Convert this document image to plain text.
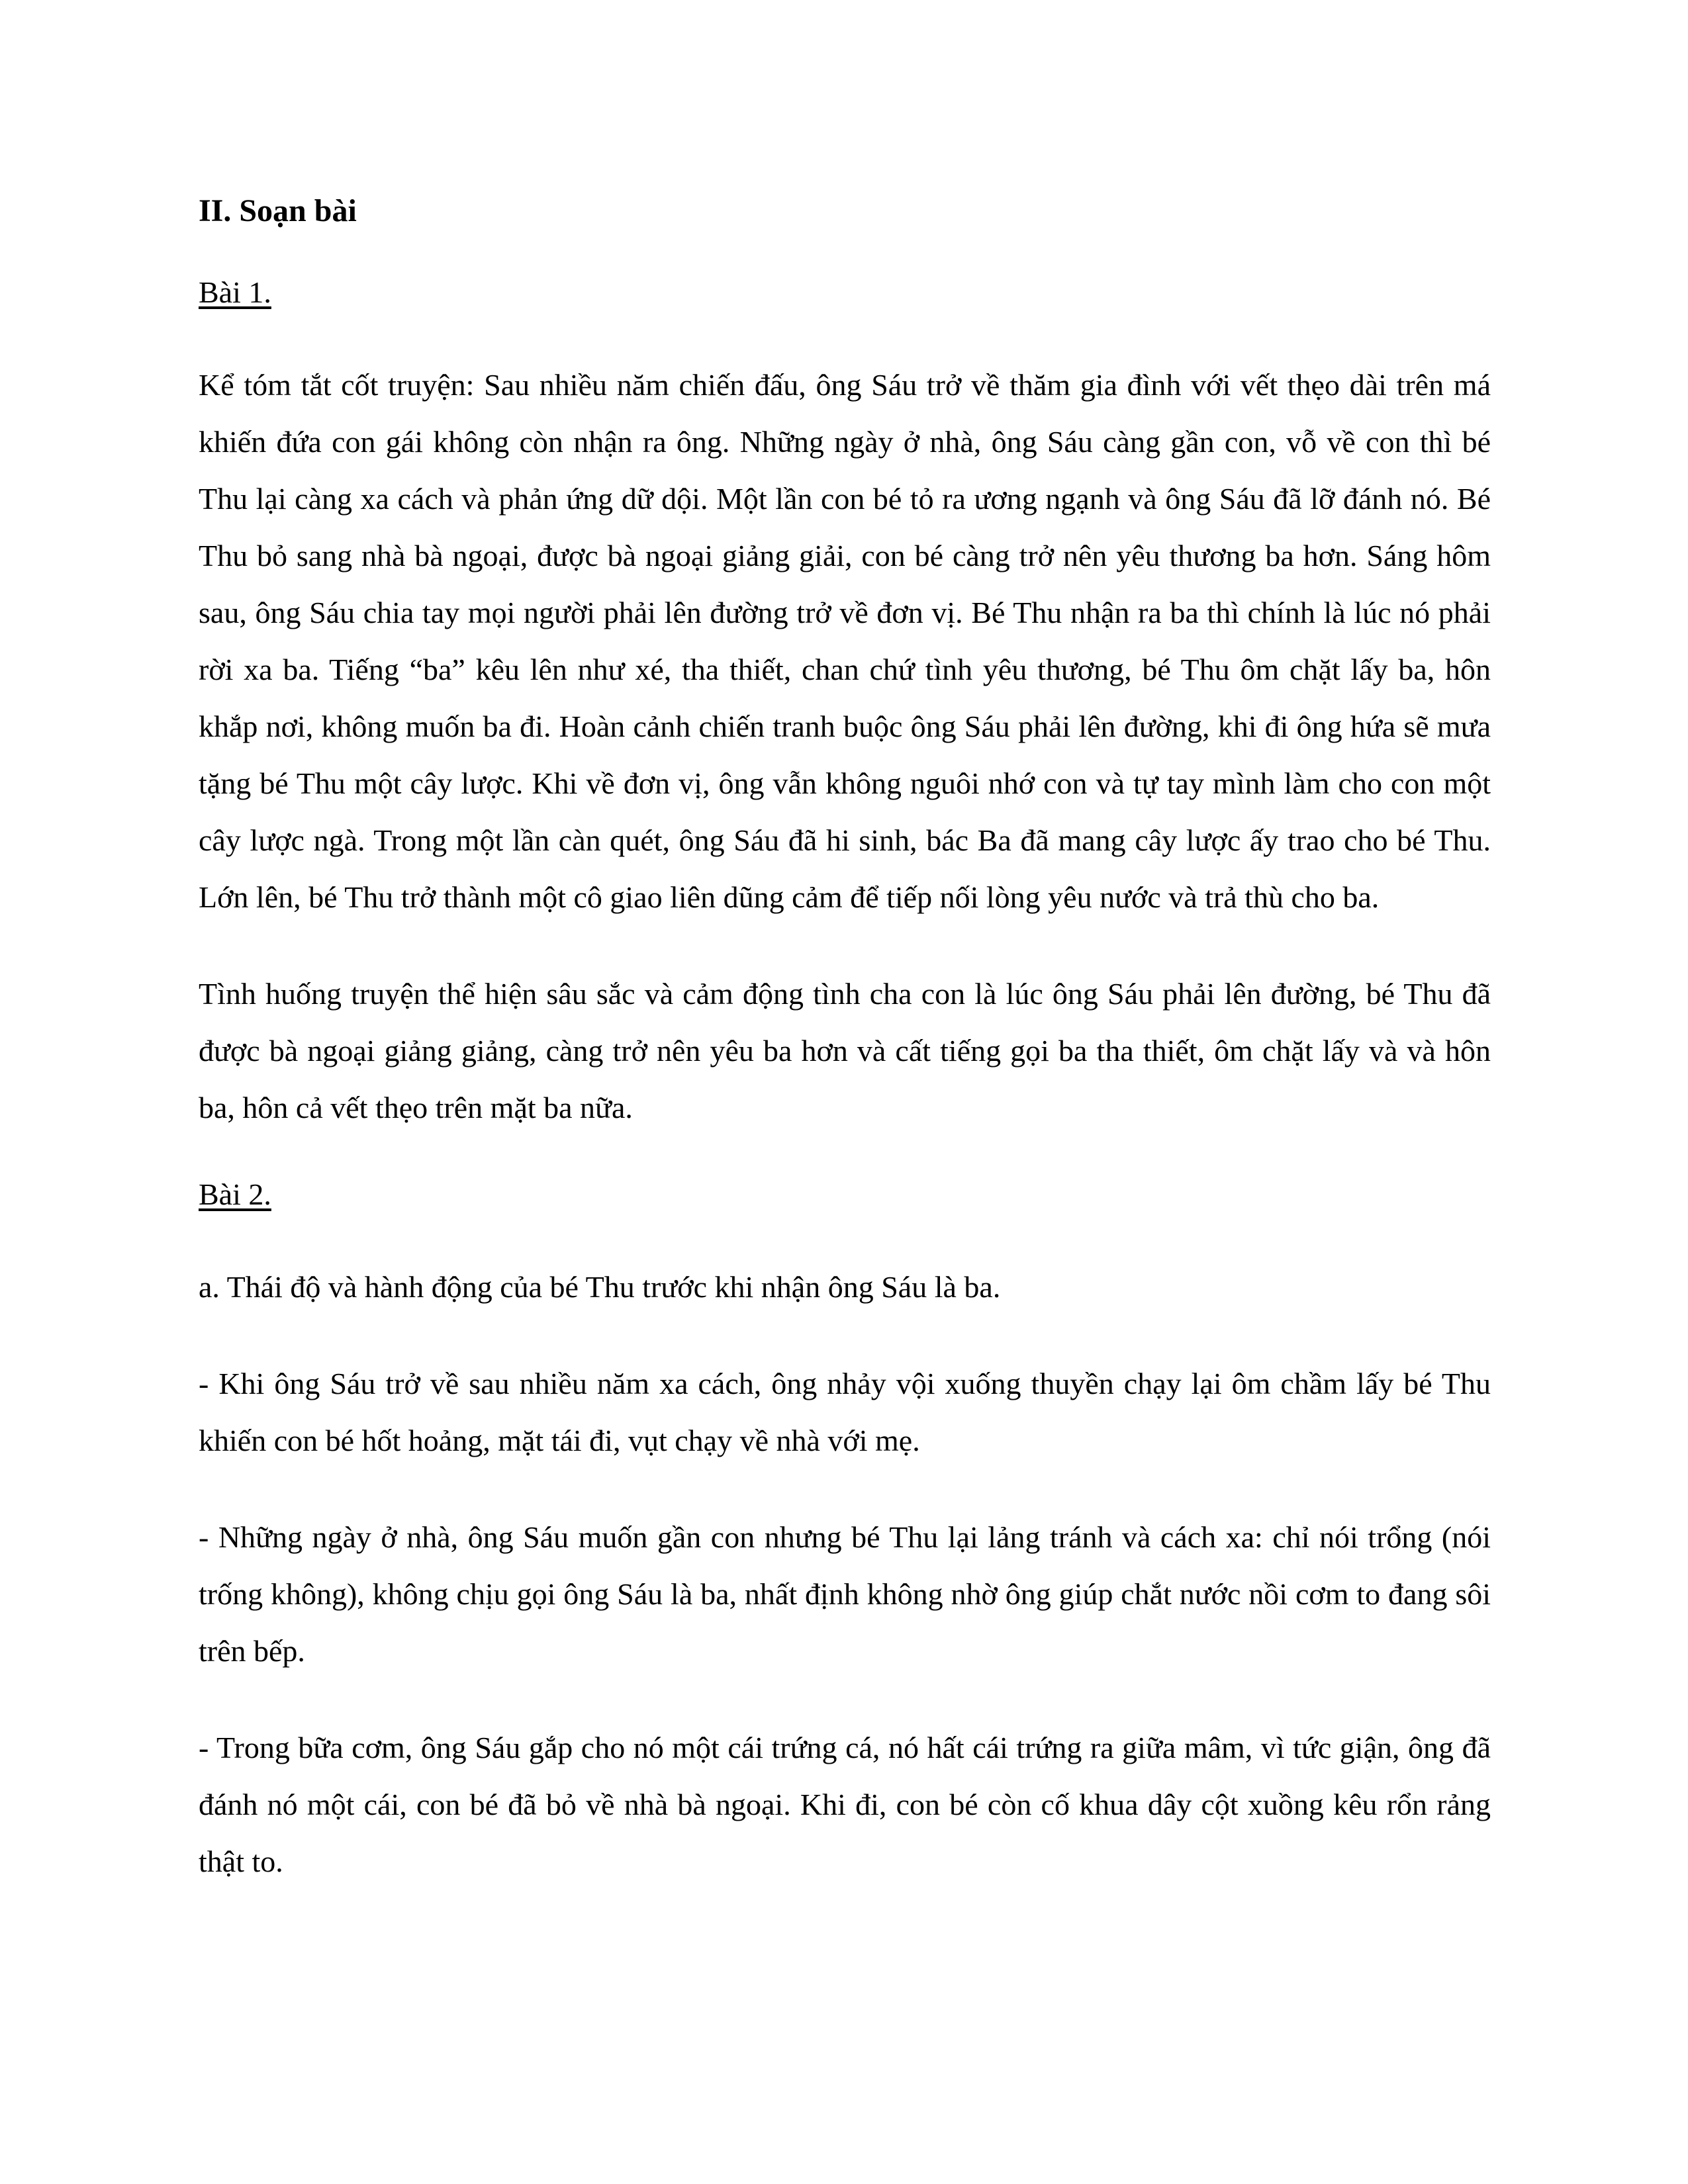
II. Soạn bài
Bài 1.

Kể tóm tắt cốt truyện: Sau nhiều năm chiến đấu, ông Sáu trở về thăm gia đình với vết thẹo dài trên má khiến đứa con gái không còn nhận ra ông. Những ngày ở nhà, ông Sáu càng gần con, vỗ về con thì bé Thu lại càng xa cách và phản ứng dữ dội. Một lần con bé tỏ ra ương ngạnh và ông Sáu đã lỡ đánh nó. Bé Thu bỏ sang nhà bà ngoại, được bà ngoại giảng giải, con bé càng trở nên yêu thương ba hơn. Sáng hôm sau, ông Sáu chia tay mọi người phải lên đường trở về đơn vị. Bé Thu nhận ra ba thì chính là lúc nó phải rời xa ba. Tiếng “ba” kêu lên như xé, tha thiết, chan chứ tình yêu thương, bé Thu ôm chặt lấy ba, hôn khắp nơi, không muốn ba đi. Hoàn cảnh chiến tranh buộc ông Sáu phải lên đường, khi đi ông hứa sẽ mưa tặng bé Thu một cây lược. Khi về đơn vị, ông vẫn không nguôi nhớ con và tự tay mình làm cho con một cây lược ngà. Trong một lần càn quét, ông Sáu đã hi sinh, bác Ba đã mang cây lược ấy trao cho bé Thu. Lớn lên, bé Thu trở thành một cô giao liên dũng cảm để tiếp nối lòng yêu nước và trả thù cho ba.

Tình huống truyện thể hiện sâu sắc và cảm động tình cha con là lúc ông Sáu phải lên đường, bé Thu đã được bà ngoại giảng giảng, càng trở nên yêu ba hơn và cất tiếng gọi ba tha thiết, ôm chặt lấy và và hôn ba, hôn cả vết thẹo trên mặt ba nữa.

Bài 2.

a. Thái độ và hành động của bé Thu trước khi nhận ông Sáu là ba.

- Khi ông Sáu trở về sau nhiều năm xa cách, ông nhảy vội xuống thuyền chạy lại ôm chầm lấy bé Thu khiến con bé hốt hoảng, mặt tái đi, vụt chạy về nhà với mẹ.

- Những ngày ở nhà, ông Sáu muốn gần con nhưng bé Thu lại lảng tránh và cách xa: chỉ nói trổng (nói trống không), không chịu gọi ông Sáu là ba, nhất định không nhờ ông giúp chắt nước nồi cơm to đang sôi trên bếp.

- Trong bữa cơm, ông Sáu gắp cho nó một cái trứng cá, nó hất cái trứng ra giữa mâm, vì tức giận, ông đã đánh nó một cái, con bé đã bỏ về nhà bà ngoại. Khi đi, con bé còn cố khua dây cột xuồng kêu rổn rảng thật to.
